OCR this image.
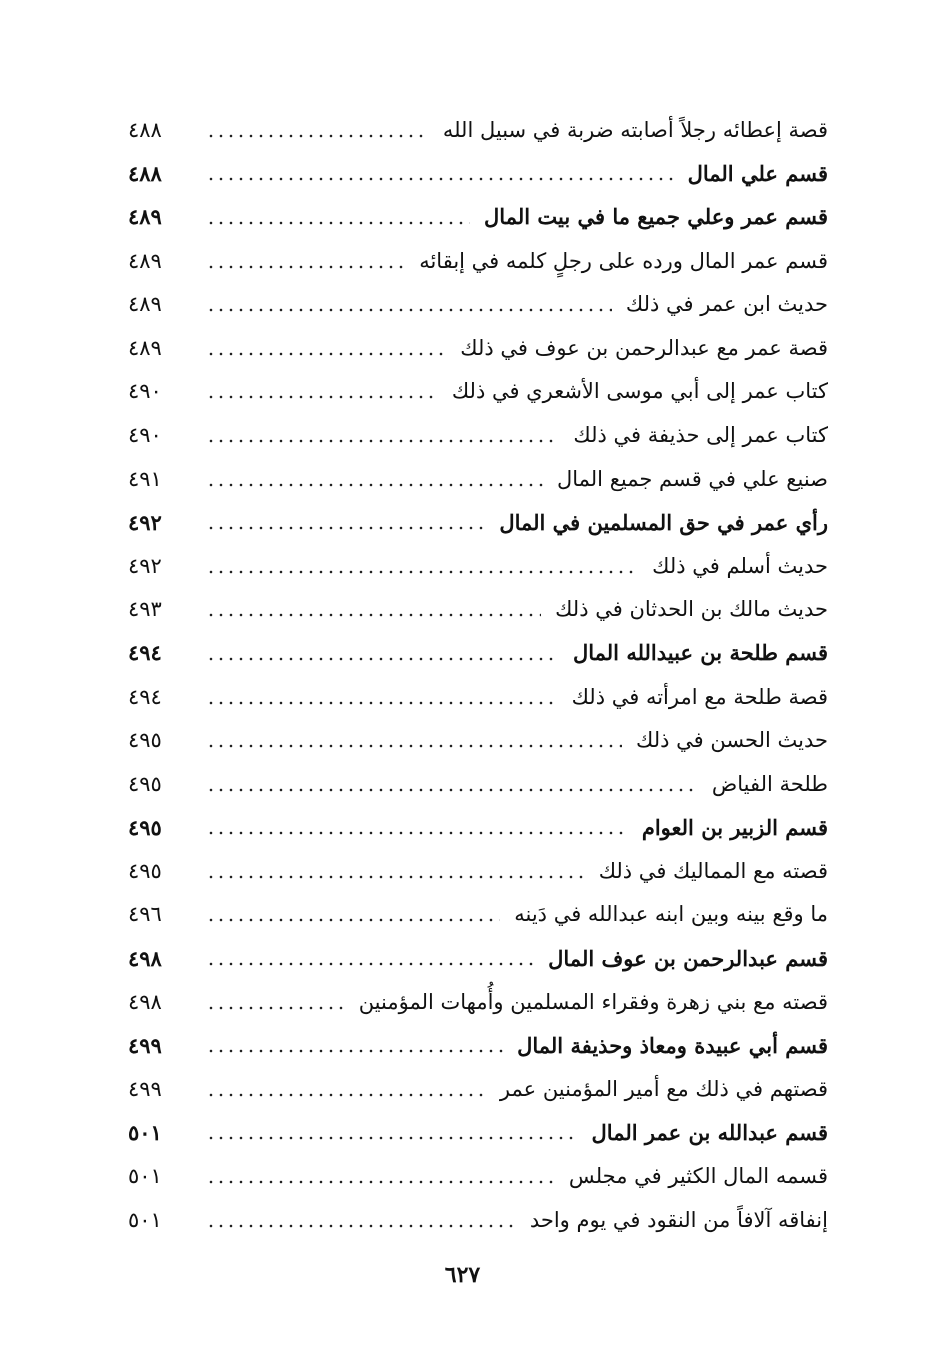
٤٨٨	قصة إعطائه رجلاً أصابته ضربة في سبيل الله
٤٨٨	قسم علي المال
٤٨٩	قسم عمر وعلي جميع ما في بيت المال
٤٨٩	قسم عمر المال ورده على رجلٍ كلمه في إبقائه
٤٨٩	حديث ابن عمر في ذلك
٤٨٩	قصة عمر مع عبدالرحمن بن عوف في ذلك
٤٩٠	كتاب عمر إلى أبي موسى الأشعري في ذلك
٤٩٠	كتاب عمر إلى حذيفة في ذلك
٤٩١	صنيع علي في قسم جميع المال
٤٩٢	رأي عمر في حق المسلمين في المال
٤٩٢	حديث أسلم في ذلك
٤٩٣	حديث مالك بن الحدثان في ذلك
٤٩٤	قسم طلحة بن عبيدالله المال
٤٩٤	قصة طلحة مع امرأته في ذلك
٤٩٥	حديث الحسن في ذلك
٤٩٥	طلحة الفياض
٤٩٥	قسم الزبير بن العوام
٤٩٥	قصته مع المماليك في ذلك
٤٩٦	ما وقع بينه وبين ابنه عبدالله في دَينه
٤٩٨	قسم عبدالرحمن بن عوف المال
٤٩٨	قصته مع بني زهرة وفقراء المسلمين وأُمهات المؤمنين
٤٩٩	قسم أبي عبيدة ومعاذ وحذيفة المال
٤٩٩	قصتهم في ذلك مع أمير المؤمنين عمر
٥٠١	قسم عبدالله بن عمر المال
٥٠١	قسمه المال الكثير في مجلس
٥٠١	إنفاقه آلافاً من النقود في يوم واحد
٦٢٧
